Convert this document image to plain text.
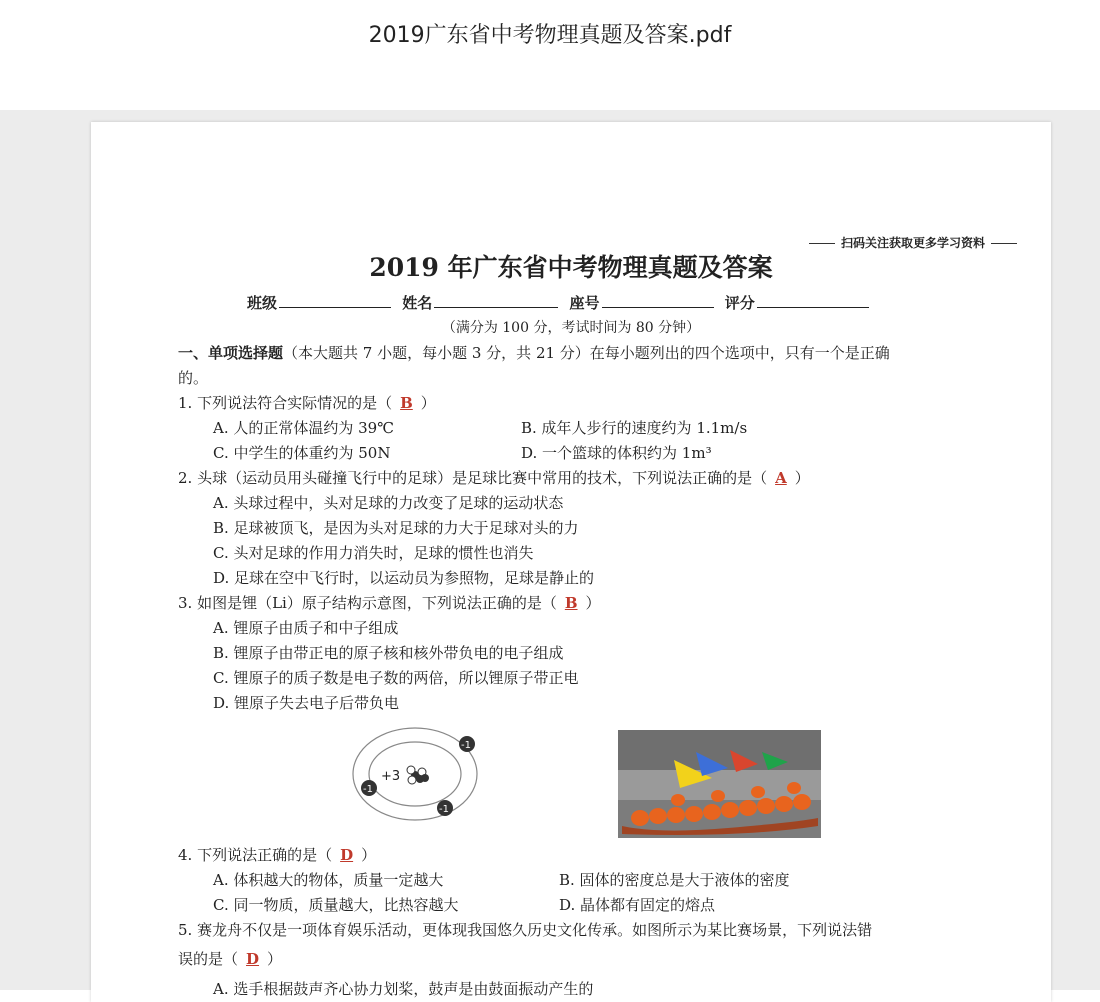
2019广东省中考物理真题及答案.pdf
扫码关注获取更多学习资料
2019 年广东省中考物理真题及答案
班级	姓名	座号	评分
（满分为 100 分，考试时间为 80 分钟）
一、单项选择题（本大题共 7 小题，每小题 3 分，共 21 分）在每小题列出的四个选项中，只有一个是正确
的。
1. 下列说法符合实际情况的是（ B ）
A. 人的正常体温约为 39℃	B. 成年人步行的速度约为 1.1m/s
C. 中学生的体重约为 50N	D. 一个篮球的体积约为 1m³
2. 头球（运动员用头碰撞飞行中的足球）是足球比赛中常用的技术，下列说法正确的是（ A ）
A. 头球过程中，头对足球的力改变了足球的运动状态
B. 足球被顶飞，是因为头对足球的力大于足球对头的力
C. 头对足球的作用力消失时，足球的惯性也消失
D. 足球在空中飞行时，以运动员为参照物，足球是静止的
3. 如图是锂（Li）原子结构示意图，下列说法正确的是（ B ）
A. 锂原子由质子和中子组成
B. 锂原子由带正电的原子核和核外带负电的电子组成
C. 锂原子的质子数是电子数的两倍，所以锂原子带正电
D. 锂原子失去电子后带负电
+3
-1
-1
-1
4. 下列说法正确的是（ D ）
A. 体积越大的物体，质量一定越大	B. 固体的密度总是大于液体的密度
C. 同一物质，质量越大，比热容越大	D. 晶体都有固定的熔点
5. 赛龙舟不仅是一项体育娱乐活动，更体现我国悠久历史文化传承。如图所示为某比赛场景，下列说法错
误的是（ D ）
A. 选手根据鼓声齐心协力划桨，鼓声是由鼓面振动产生的
